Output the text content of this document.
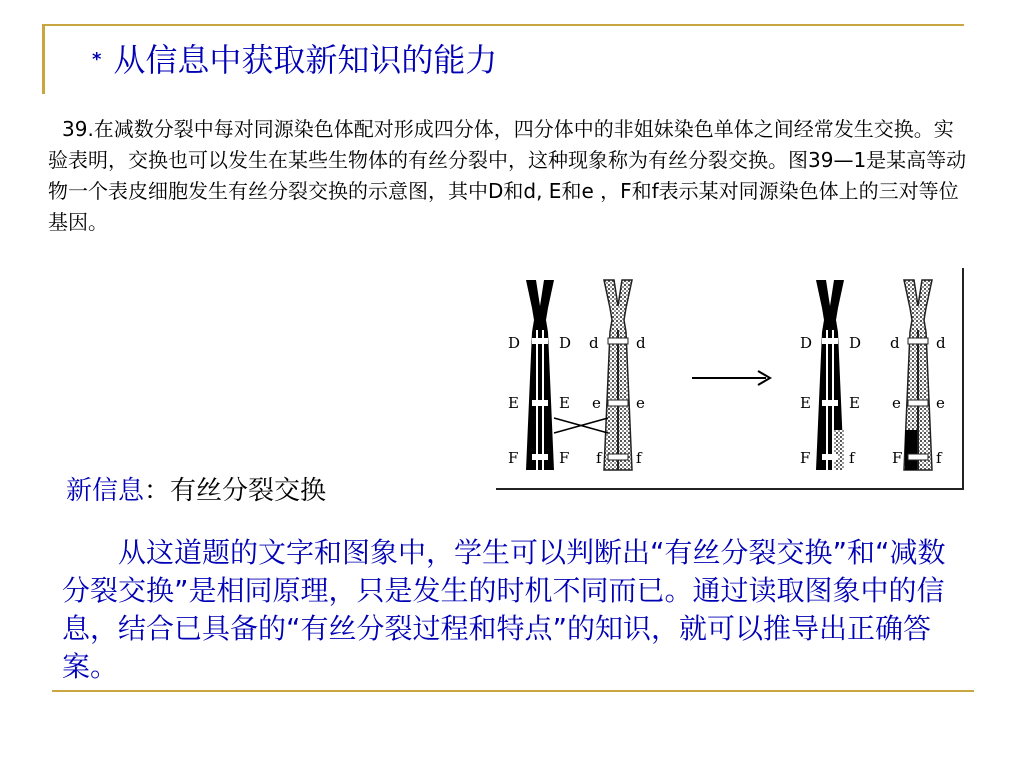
* 从信息中获取新知识的能力

39.在减数分裂中每对同源染色体配对形成四分体，四分体中的非姐妹染色单体之间经常发生交换。实验表明，交换也可以发生在某些生物体的有丝分裂中，这种现象称为有丝分裂交换。图39—1是某高等动物一个表皮细胞发生有丝分裂交换的示意图，其中D和d, E和e ，F和f表示某对同源染色体上的三对等位基因。

D	D d d
E	E e e
F	F f f
D D d d
E	E e e
F	f F f
新信息：有丝分裂交换

从这道题的文字和图象中，学生可以判断出“有丝分裂交换”和“减数分裂交换”是相同原理，只是发生的时机不同而已。通过读取图象中的信息，结合已具备的“有丝分裂过程和特点”的知识，就可以推导出正确答案。
